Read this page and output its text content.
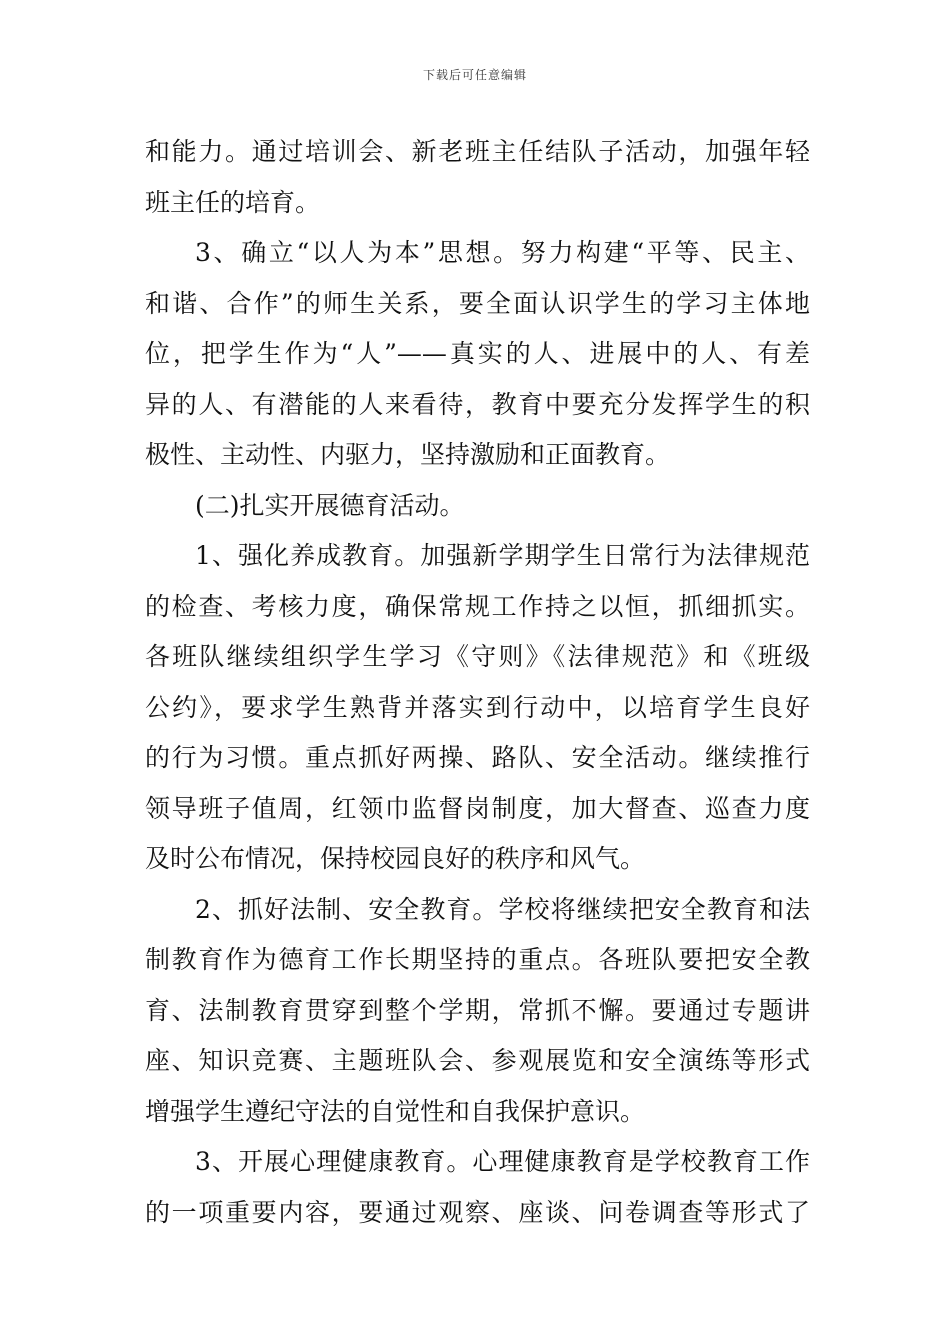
下载后可任意编辑
和能力。通过培训会、新老班主任结队子活动，加强年轻
班主任的培育。
3、确立“以人为本”思想。努力构建“平等、民主、
和谐、合作”的师生关系，要全面认识学生的学习主体地
位，把学生作为“人”——真实的人、进展中的人、有差
异的人、有潜能的人来看待，教育中要充分发挥学生的积
极性、主动性、内驱力，坚持激励和正面教育。
(二)扎实开展德育活动。
1、强化养成教育。加强新学期学生日常行为法律规范
的检查、考核力度，确保常规工作持之以恒，抓细抓实。
各班队继续组织学生学习《守则》《法律规范》和《班级
公约》，要求学生熟背并落实到行动中，以培育学生良好
的行为习惯。重点抓好两操、路队、安全活动。继续推行
领导班子值周，红领巾监督岗制度，加大督查、巡查力度
及时公布情况，保持校园良好的秩序和风气。
2、抓好法制、安全教育。学校将继续把安全教育和法
制教育作为德育工作长期坚持的重点。各班队要把安全教
育、法制教育贯穿到整个学期，常抓不懈。要通过专题讲
座、知识竞赛、主题班队会、参观展览和安全演练等形式
增强学生遵纪守法的自觉性和自我保护意识。
3、开展心理健康教育。心理健康教育是学校教育工作
的一项重要内容，要通过观察、座谈、问卷调查等形式了
